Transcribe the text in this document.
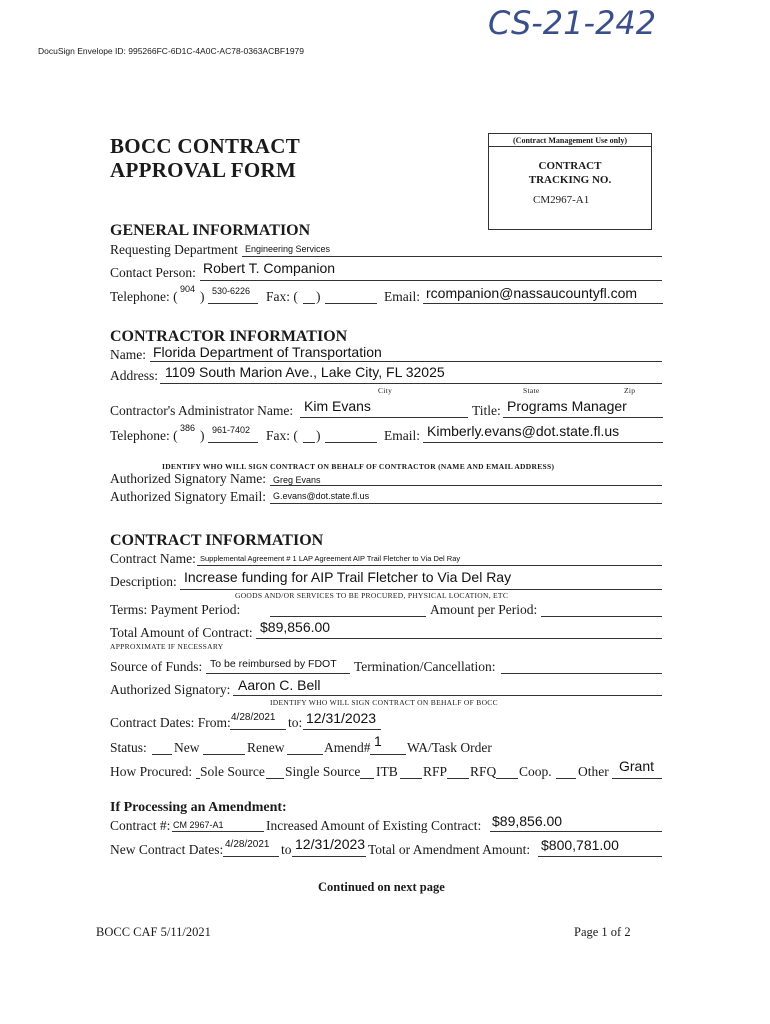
CS-21-242
DocuSign Envelope ID: 995266FC-6D1C-4A0C-AC78-0363ACBF1979
BOCC CONTRACT
APPROVAL FORM
(Contract Management Use only)
CONTRACT
TRACKING NO.
CM2967-A1
GENERAL INFORMATION
Requesting Department Engineering Services
Contact Person: Robert T. Companion
Telephone: ( 904 ) 530-6226 Fax: ( )	Email: rcompanion@nassaucountyfl.com
CONTRACTOR INFORMATION
Name: Florida Department of Transportation
Address: 1109 South Marion Ave., Lake City, FL 32025
City	State	Zip
Contractor's Administrator Name: Kim Evans	Title: Programs Manager
Telephone: ( 386 ) 961-7402 Fax: ( )	Email: Kimberly.evans@dot.state.fl.us
IDENTIFY WHO WILL SIGN CONTRACT ON BEHALF OF CONTRACTOR (NAME AND EMAIL ADDRESS)
Authorized Signatory Name: Greg Evans
Authorized Signatory Email: G.evans@dot.state.fl.us
CONTRACT INFORMATION
Contract Name: Supplemental Agreement # 1 LAP Agreement AIP Trail Fletcher to Via Del Ray
Description: Increase funding for AIP Trail Fletcher to Via Del Ray
GOODS AND/OR SERVICES TO BE PROCURED, PHYSICAL LOCATION, ETC
Terms: Payment Period:	Amount per Period:
Total Amount of Contract: $89,856.00
APPROXIMATE IF NECESSARY
Source of Funds: To be reimbursed by FDOT Termination/Cancellation:
Authorized Signatory: Aaron C. Bell
IDENTIFY WHO WILL SIGN CONTRACT ON BEHALF OF BOCC
Contract Dates: From: 4/28/2021 to: 12/31/2023
Status: New	Renew	Amend# 1 WA/Task Order
How Procured: Sole Source Single Source ITB RFP RFQ Coop. Other Grant
If Processing an Amendment:
Contract #: CM 2967-A1	Increased Amount of Existing Contract: $89,856.00
New Contract Dates: 4/28/2021 to 12/31/2023 Total or Amendment Amount: $800,781.00
Continued on next page
BOCC CAF 5/11/2021	Page 1 of 2
